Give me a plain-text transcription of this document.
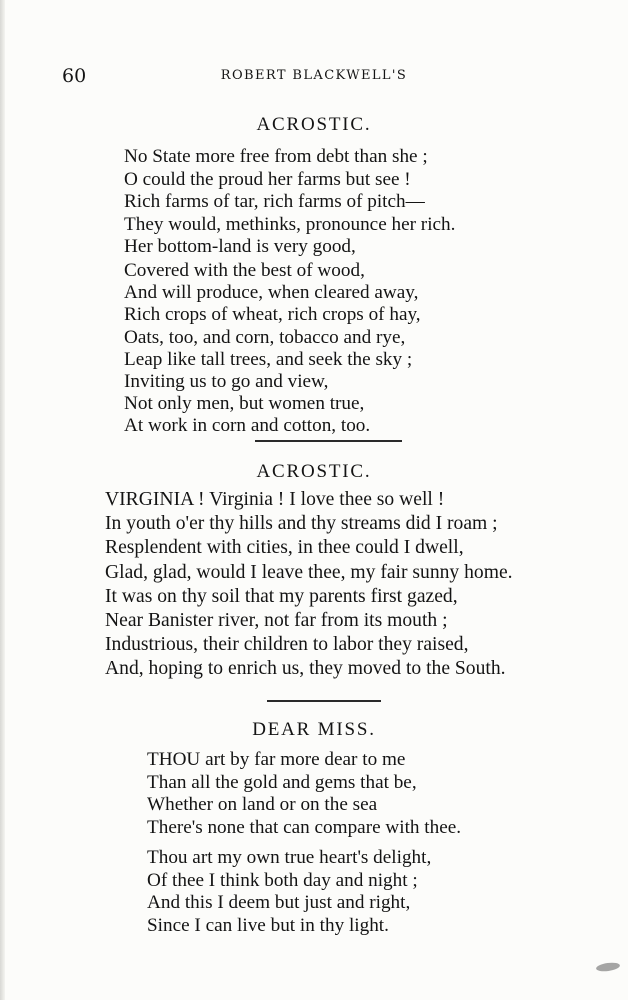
60	ROBERT BLACKWELL'S
ACROSTIC.
No State more free from debt than she ;
O could the proud her farms but see !
Rich farms of tar, rich farms of pitch—
They would, methinks, pronounce her rich.
Her bottom-land is very good,
Covered with the best of wood,
And will produce, when cleared away,
Rich crops of wheat, rich crops of hay,
Oats, too, and corn, tobacco and rye,
Leap like tall trees, and seek the sky ;
Inviting us to go and view,
Not only men, but women true,
At work in corn and cotton, too.
ACROSTIC.
VIRGINIA ! Virginia ! I love thee so well !
In youth o'er thy hills and thy streams did I roam ;
Resplendent with cities, in thee could I dwell,
Glad, glad, would I leave thee, my fair sunny home.
It was on thy soil that my parents first gazed,
Near Banister river, not far from its mouth ;
Industrious, their children to labor they raised,
And, hoping to enrich us, they moved to the South.
DEAR MISS.
THOU art by far more dear to me
Than all the gold and gems that be,
Whether on land or on the sea
There's none that can compare with thee.
Thou art my own true heart's delight,
Of thee I think both day and night ;
And this I deem but just and right,
Since I can live but in thy light.
